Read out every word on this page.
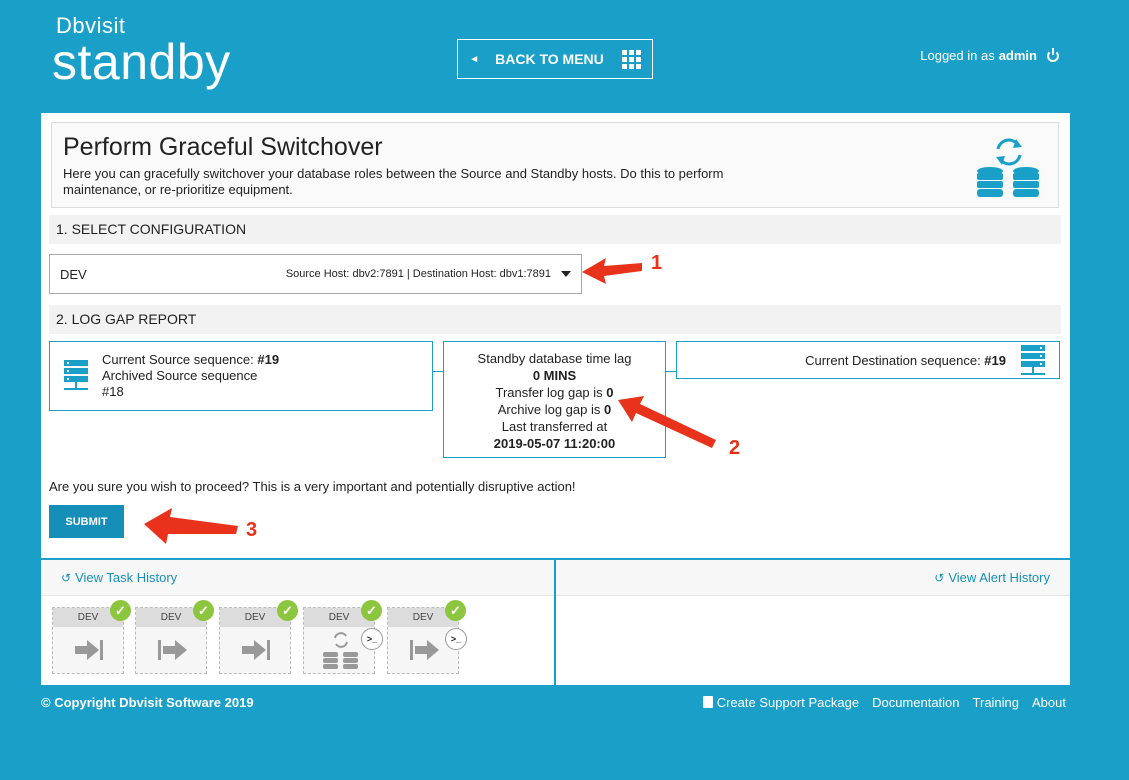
Dbvisit
standby	◄ BACK TO MENU	Logged in as admin
Perform Graceful Switchover

Here you can gracefully switchover your database roles between the Source and Standby hosts. Do this to perform maintenance, or re-prioritize equipment.

1. SELECT CONFIGURATION
DEV	Source Host: dbv2:7891 | Destination Host: dbv1:7891
2. LOG GAP REPORT
Current Source sequence: #19
Archived Source sequence
#18
Standby database time lag
0 MINS
Transfer log gap is 0
Archive log gap is 0
Last transferred at
2019-05-07 11:20:00
Current Destination sequence: #19
Are you sure you wish to proceed? This is a very important and potentially disruptive action!
SUBMIT
↺ View Task History	↺ View Alert History
DEV	✓	DEV	✓	DEV	✓	DEV	✓
>_
DEV	✓
>_
© Copyright Dbvisit Software 2019	Create Support Package Documentation Training About
1
2
3
